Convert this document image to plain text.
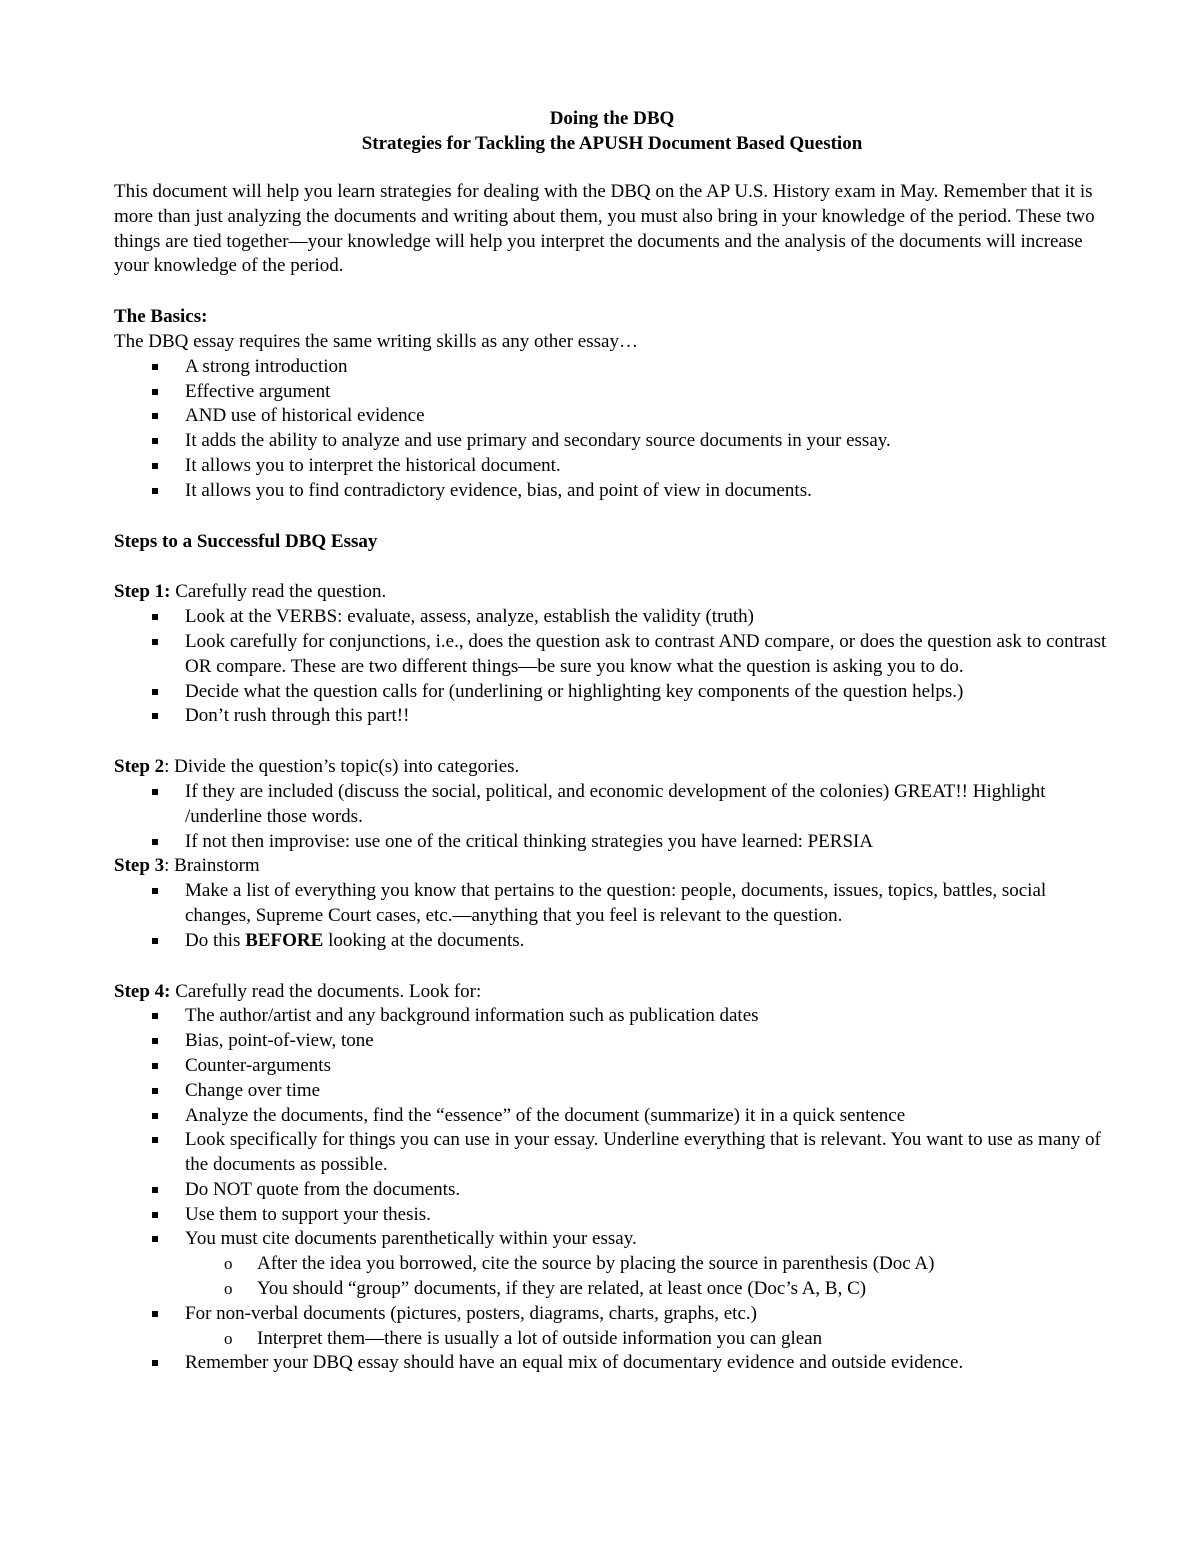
Doing the DBQ

Strategies for Tackling the APUSH Document Based Question

This document will help you learn strategies for dealing with the DBQ on the AP U.S. History exam in May. Remember that it is more than just analyzing the documents and writing about them, you must also bring in your knowledge of the period. These two things are tied together—your knowledge will help you interpret the documents and the analysis of the documents will increase your knowledge of the period.

The Basics:

The DBQ essay requires the same writing skills as any other essay…

A strong introduction
Effective argument
AND use of historical evidence
It adds the ability to analyze and use primary and secondary source documents in your essay.
It allows you to interpret the historical document.
It allows you to find contradictory evidence, bias, and point of view in documents.

Steps to a Successful DBQ Essay

Step 1: Carefully read the question.

Look at the VERBS: evaluate, assess, analyze, establish the validity (truth)
Look carefully for conjunctions, i.e., does the question ask to contrast AND compare, or does the question ask to contrast OR compare. These are two different things—be sure you know what the question is asking you to do.
Decide what the question calls for (underlining or highlighting key components of the question helps.)
Don’t rush through this part!!

Step 2: Divide the question’s topic(s) into categories.

If they are included (discuss the social, political, and economic development of the colonies) GREAT!! Highlight /underline those words.
If not then improvise: use one of the critical thinking strategies you have learned: PERSIA

Step 3: Brainstorm

Make a list of everything you know that pertains to the question: people, documents, issues, topics, battles, social changes, Supreme Court cases, etc.—anything that you feel is relevant to the question.
Do this BEFORE looking at the documents.

Step 4: Carefully read the documents. Look for:

The author/artist and any background information such as publication dates
Bias, point-of-view, tone
Counter-arguments
Change over time
Analyze the documents, find the “essence” of the document (summarize) it in a quick sentence
Look specifically for things you can use in your essay. Underline everything that is relevant. You want to use as many of the documents as possible.
Do NOT quote from the documents.
Use them to support your thesis.
You must cite documents parenthetically within your essay.
o After the idea you borrowed, cite the source by placing the source in parenthesis (Doc A)
o You should “group” documents, if they are related, at least once (Doc’s A, B, C)
For non-verbal documents (pictures, posters, diagrams, charts, graphs, etc.)
o Interpret them—there is usually a lot of outside information you can glean
Remember your DBQ essay should have an equal mix of documentary evidence and outside evidence.
